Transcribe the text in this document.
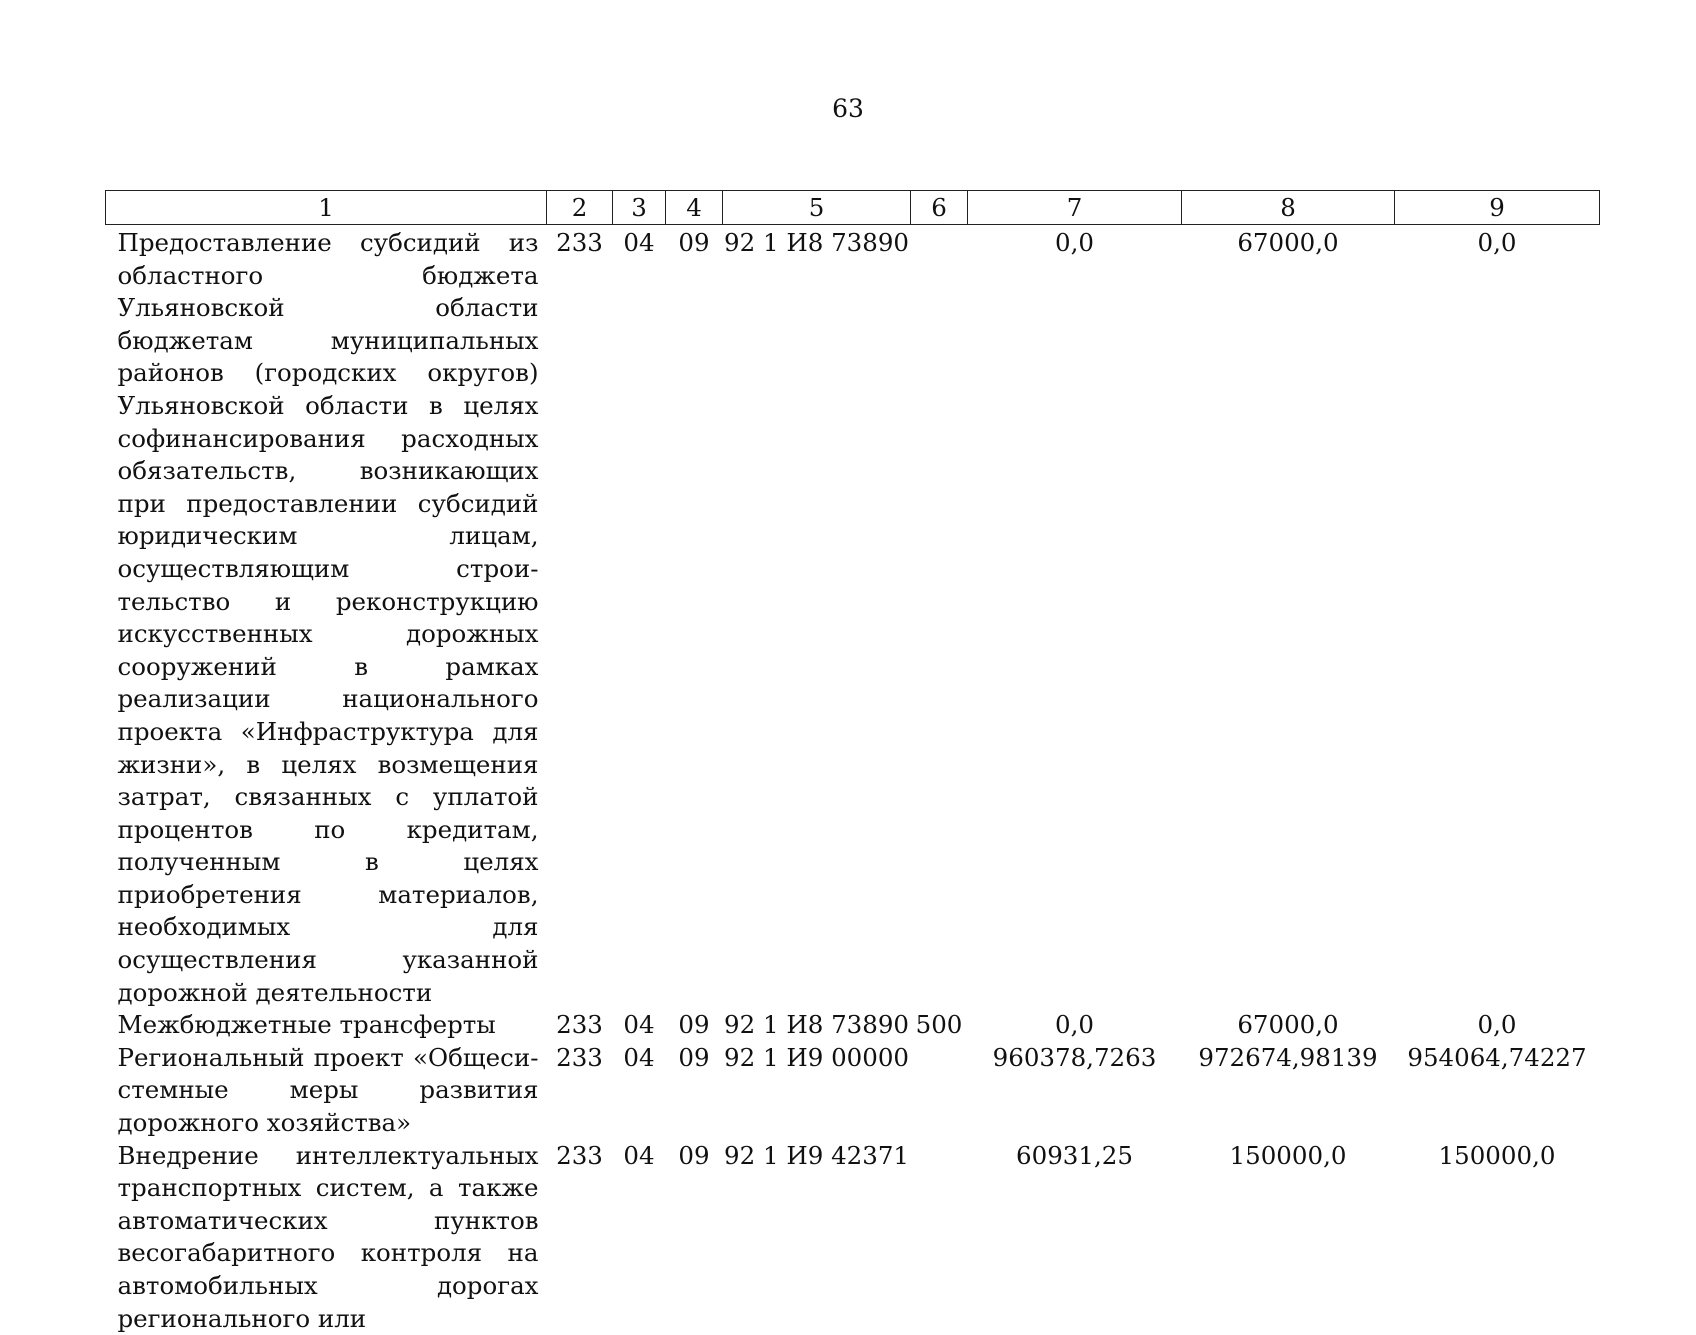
63
1	2	3	4	5	6	7	8	9
Предоставление субсидий из областного бюджета Ульяновской области бюджетам муниципальных районов (городских округов) Ульяновской области в целях софинансирования расходных обязательств, возникающих при предоставлении субсидий юридическим лицам, осуществляющим строительство и реконструкцию искусственных дорожных сооружений в рамках реализации национального проекта «Инфраструктура для жизни», в целях возмещения затрат, связанных с уплатой процентов по кредитам, полученным в целях приобретения материалов, необходимых для осуществления указанной дорожной деятельности	233	04	09	92 1 И8 73890		0,0	67000,0	0,0
Межбюджетные трансферты	233	04	09	92 1 И8 73890	500	0,0	67000,0	0,0
Региональный проект «Общесистемные меры развития дорожного хозяйства»	233	04	09	92 1 И9 00000		960378,7263	972674,98139	954064,74227
Внедрение интеллектуальных транспортных систем, а также автоматических пунктов весогабаритного контроля на автомобильных дорогах регионального или	233	04	09	92 1 И9 42371		60931,25	150000,0	150000,0
